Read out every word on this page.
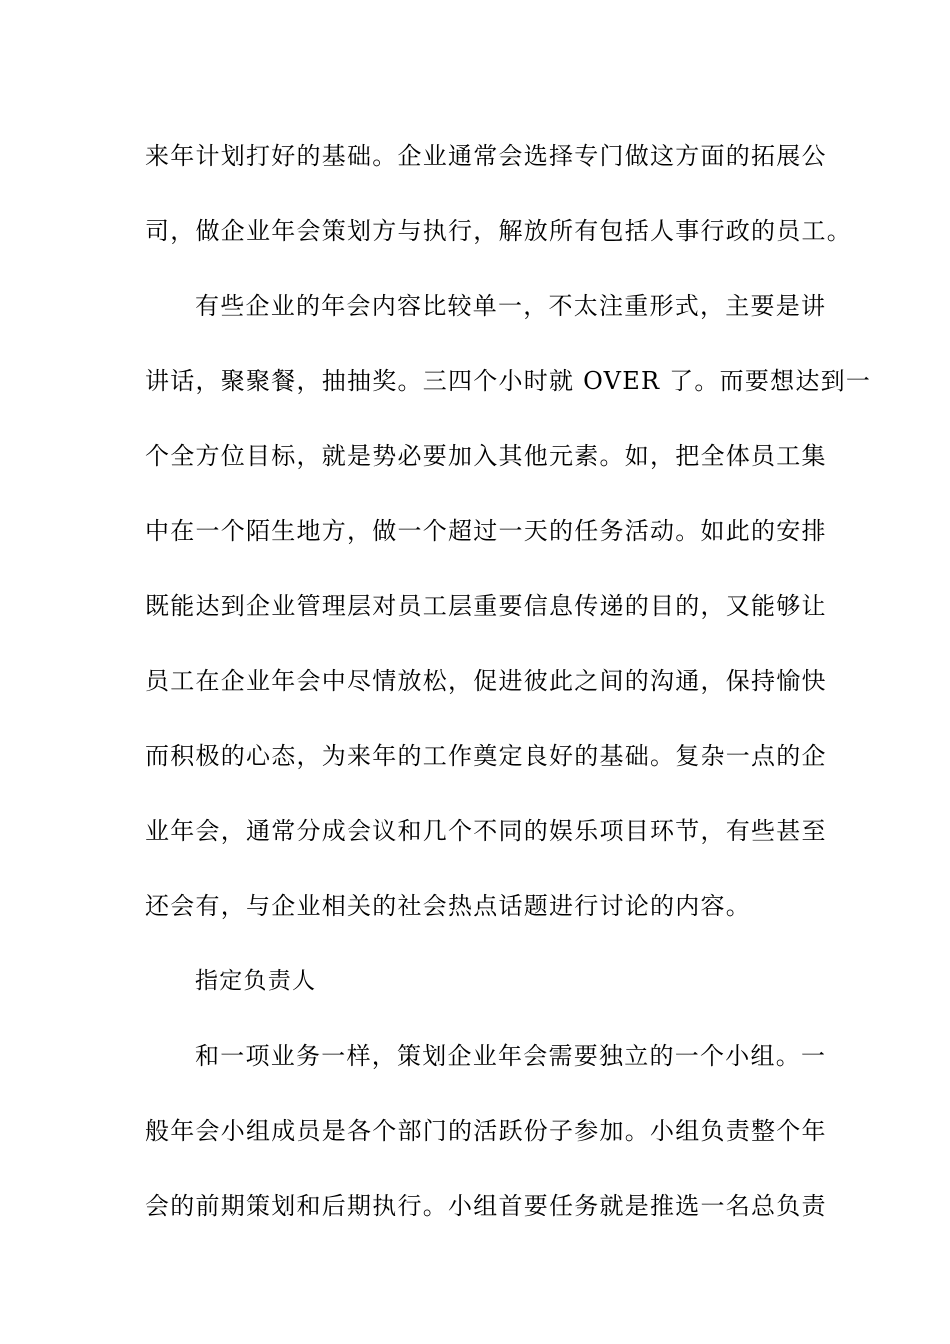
来年计划打好的基础。企业通常会选择专门做这方面的拓展公
司，做企业年会策划方与执行，解放所有包括人事行政的员工。
有些企业的年会内容比较单一，不太注重形式，主要是讲
讲话，聚聚餐，抽抽奖。三四个小时就 OVER 了。而要想达到一
个全方位目标，就是势必要加入其他元素。如，把全体员工集
中在一个陌生地方，做一个超过一天的任务活动。如此的安排
既能达到企业管理层对员工层重要信息传递的目的，又能够让
员工在企业年会中尽情放松，促进彼此之间的沟通，保持愉快
而积极的心态，为来年的工作奠定良好的基础。复杂一点的企
业年会，通常分成会议和几个不同的娱乐项目环节，有些甚至
还会有，与企业相关的社会热点话题进行讨论的内容。
指定负责人
和一项业务一样，策划企业年会需要独立的一个小组。一
般年会小组成员是各个部门的活跃份子参加。小组负责整个年
会的前期策划和后期执行。小组首要任务就是推选一名总负责
